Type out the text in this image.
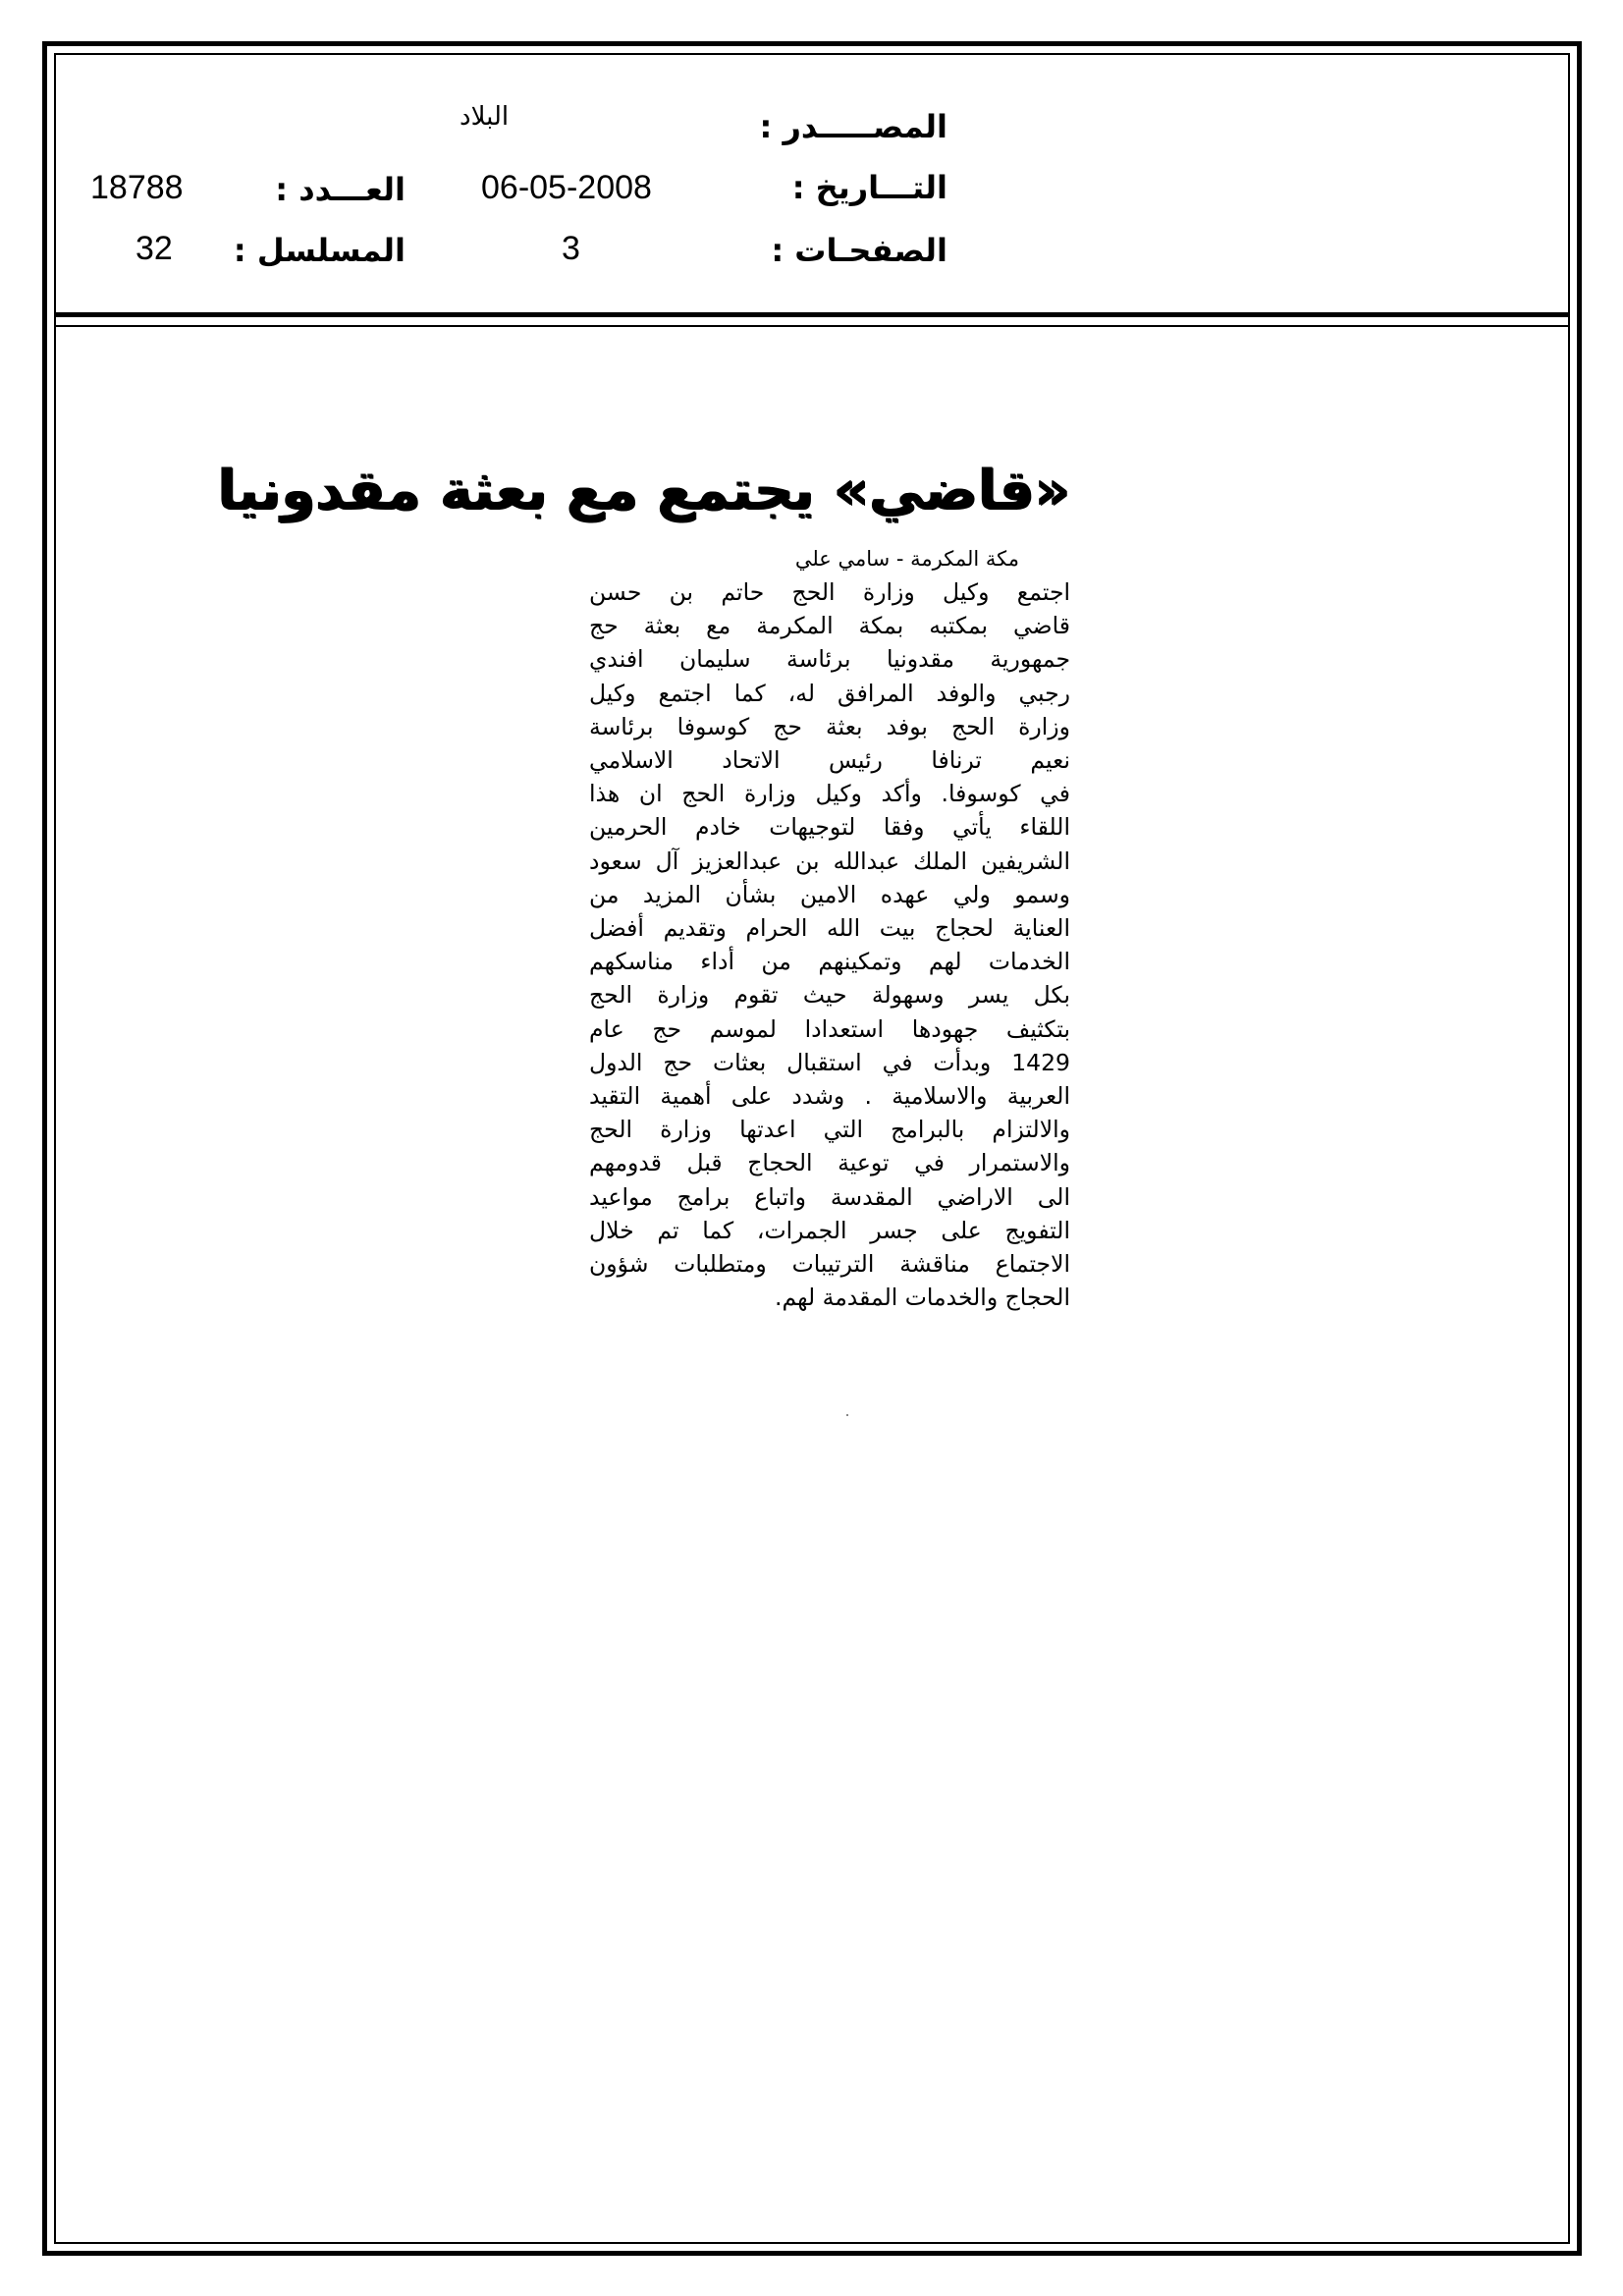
المصـــــدر :
البلاد
التـــاريخ :
06-05-2008
الصفحـات :
3
العـــدد :
18788
المسلسل :
32
«قاضي» يجتمع مع بعثة مقدونيا
مكة المكرمة - سامي علي
اجتمع وكيل وزارة الحج حاتم بن حسن
قاضي بمكتبه بمكة المكرمة مع بعثة حج
جمهورية مقدونيا برئاسة سليمان افندي
رجبي والوفد المرافق له، كما اجتمع وكيل
وزارة الحج بوفد بعثة حج كوسوفا برئاسة
نعيم ترنافا رئيس الاتحاد الاسلامي
في كوسوفا. وأكد وكيل وزارة الحج ان هذا
اللقاء يأتي وفقا لتوجيهات خادم الحرمين
الشريفين الملك عبدالله بن عبدالعزيز آل سعود
وسمو ولي عهده الامين بشأن المزيد من
العناية لحجاج بيت الله الحرام وتقديم أفضل
الخدمات لهم وتمكينهم من أداء مناسكهم
بكل يسر وسهولة حيث تقوم وزارة الحج
بتكثيف جهودها استعدادا لموسم حج عام
1429 وبدأت في استقبال بعثات حج الدول
العربية والاسلامية . وشدد على أهمية التقيد
والالتزام بالبرامج التي اعدتها وزارة الحج
والاستمرار في توعية الحجاج قبل قدومهم
الى الاراضي المقدسة واتباع برامج مواعيد
التفويج على جسر الجمرات، كما تم خلال
الاجتماع مناقشة الترتيبات ومتطلبات شؤون
الحجاج والخدمات المقدمة لهم.
